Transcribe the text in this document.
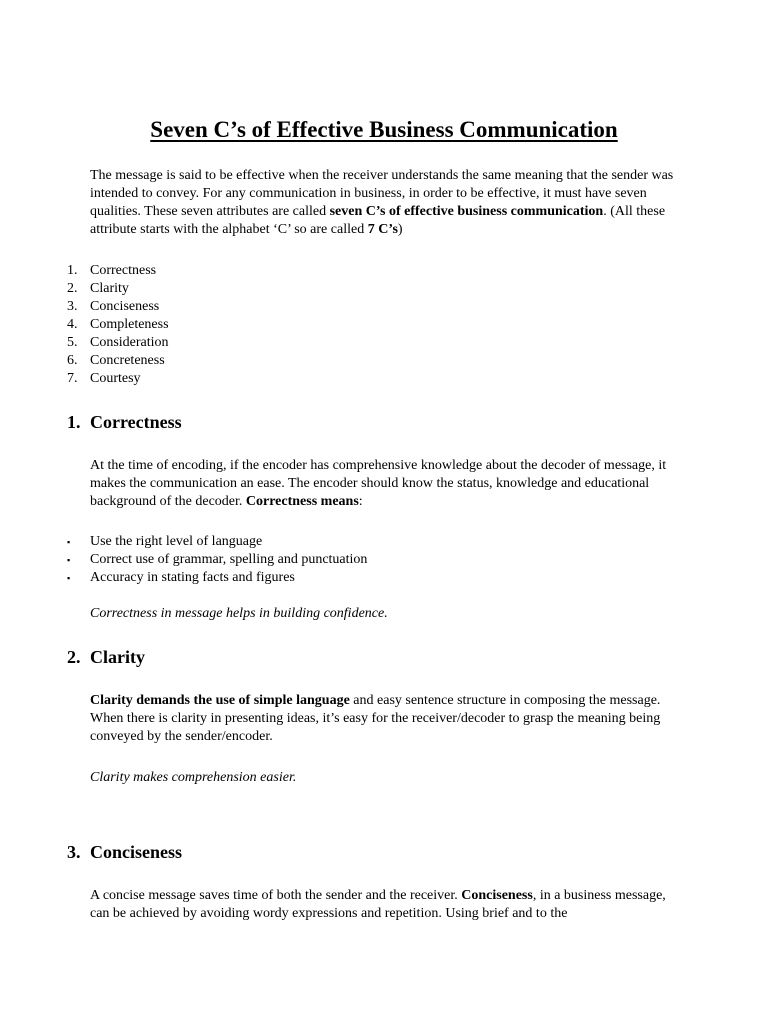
Seven C’s of Effective Business Communication

The message is said to be effective when the receiver understands the same meaning that the sender was intended to convey. For any communication in business, in order to be effective, it must have seven qualities. These seven attributes are called seven C’s of effective business communication. (All these attribute starts with the alphabet ‘C’ so are called 7 C’s)

1. Correctness
2. Clarity
3. Conciseness
4. Completeness
5. Consideration
6. Concreteness
7. Courtesy
1. Correctness

At the time of encoding, if the encoder has comprehensive knowledge about the decoder of message, it makes the communication an ease. The encoder should know the status, knowledge and educational background of the decoder. Correctness means:

▪	Use the right level of language
▪	Correct use of grammar, spelling and punctuation
▪	Accuracy in stating facts and figures

Correctness in message helps in building confidence.

2. Clarity

Clarity demands the use of simple language and easy sentence structure in composing the message. When there is clarity in presenting ideas, it’s easy for the receiver/decoder to grasp the meaning being conveyed by the sender/encoder.

Clarity makes comprehension easier.

3. Conciseness

A concise message saves time of both the sender and the receiver. Conciseness, in a business message, can be achieved by avoiding wordy expressions and repetition. Using brief and to the
